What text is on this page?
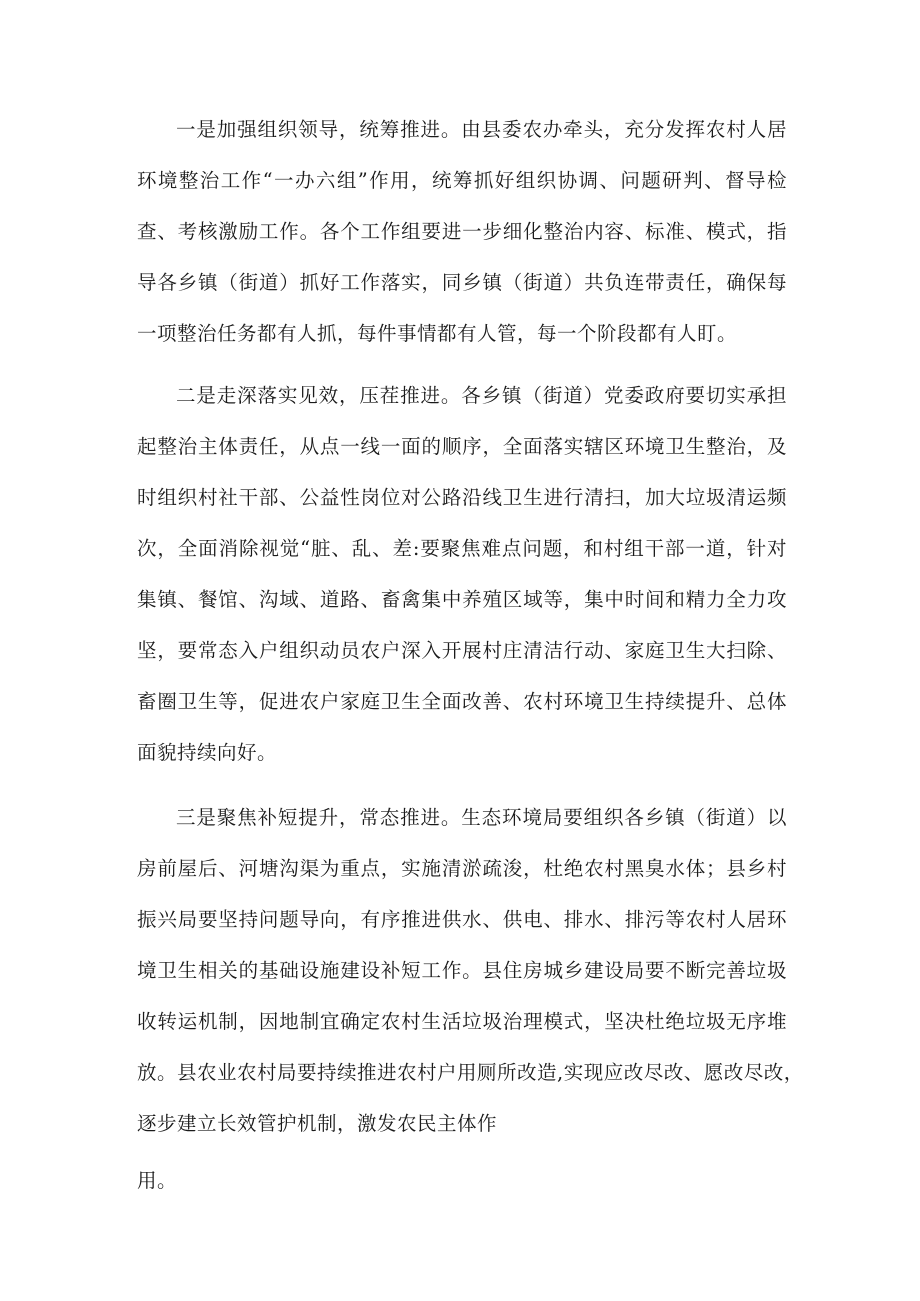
一是加强组织领导，统筹推进。由县委农办牵头，充分发挥农村人居
环境整治工作“一办六组”作用，统筹抓好组织协调、问题研判、督导检
查、考核激励工作。各个工作组要进一步细化整治内容、标准、模式，指
导各乡镇（街道）抓好工作落实，同乡镇（街道）共负连带责任，确保每
一项整治任务都有人抓，每件事情都有人管，每一个阶段都有人盯。
二是走深落实见效，压茬推进。各乡镇（街道）党委政府要切实承担
起整治主体责任，从点一线一面的顺序，全面落实辖区环境卫生整治，及
时组织村社干部、公益性岗位对公路沿线卫生进行清扫，加大垃圾清运频
次，全面消除视觉“脏、乱、差:要聚焦难点问题，和村组干部一道，针对
集镇、餐馆、沟域、道路、畜禽集中养殖区域等，集中时间和精力全力攻
坚，要常态入户组织动员农户深入开展村庄清洁行动、家庭卫生大扫除、
畜圈卫生等，促进农户家庭卫生全面改善、农村环境卫生持续提升、总体
面貌持续向好。
三是聚焦补短提升，常态推进。生态环境局要组织各乡镇（街道）以
房前屋后、河塘沟渠为重点，实施清淤疏浚，杜绝农村黑臭水体；县乡村
振兴局要坚持问题导向，有序推进供水、供电、排水、排污等农村人居环
境卫生相关的基础设施建设补短工作。县住房城乡建设局要不断完善垃圾
收转运机制，因地制宜确定农村生活垃圾治理模式，坚决杜绝垃圾无序堆
放。县农业农村局要持续推进农村户用厕所改造,实现应改尽改、愿改尽改，
逐步建立长效管护机制，激发农民主体作
用。
